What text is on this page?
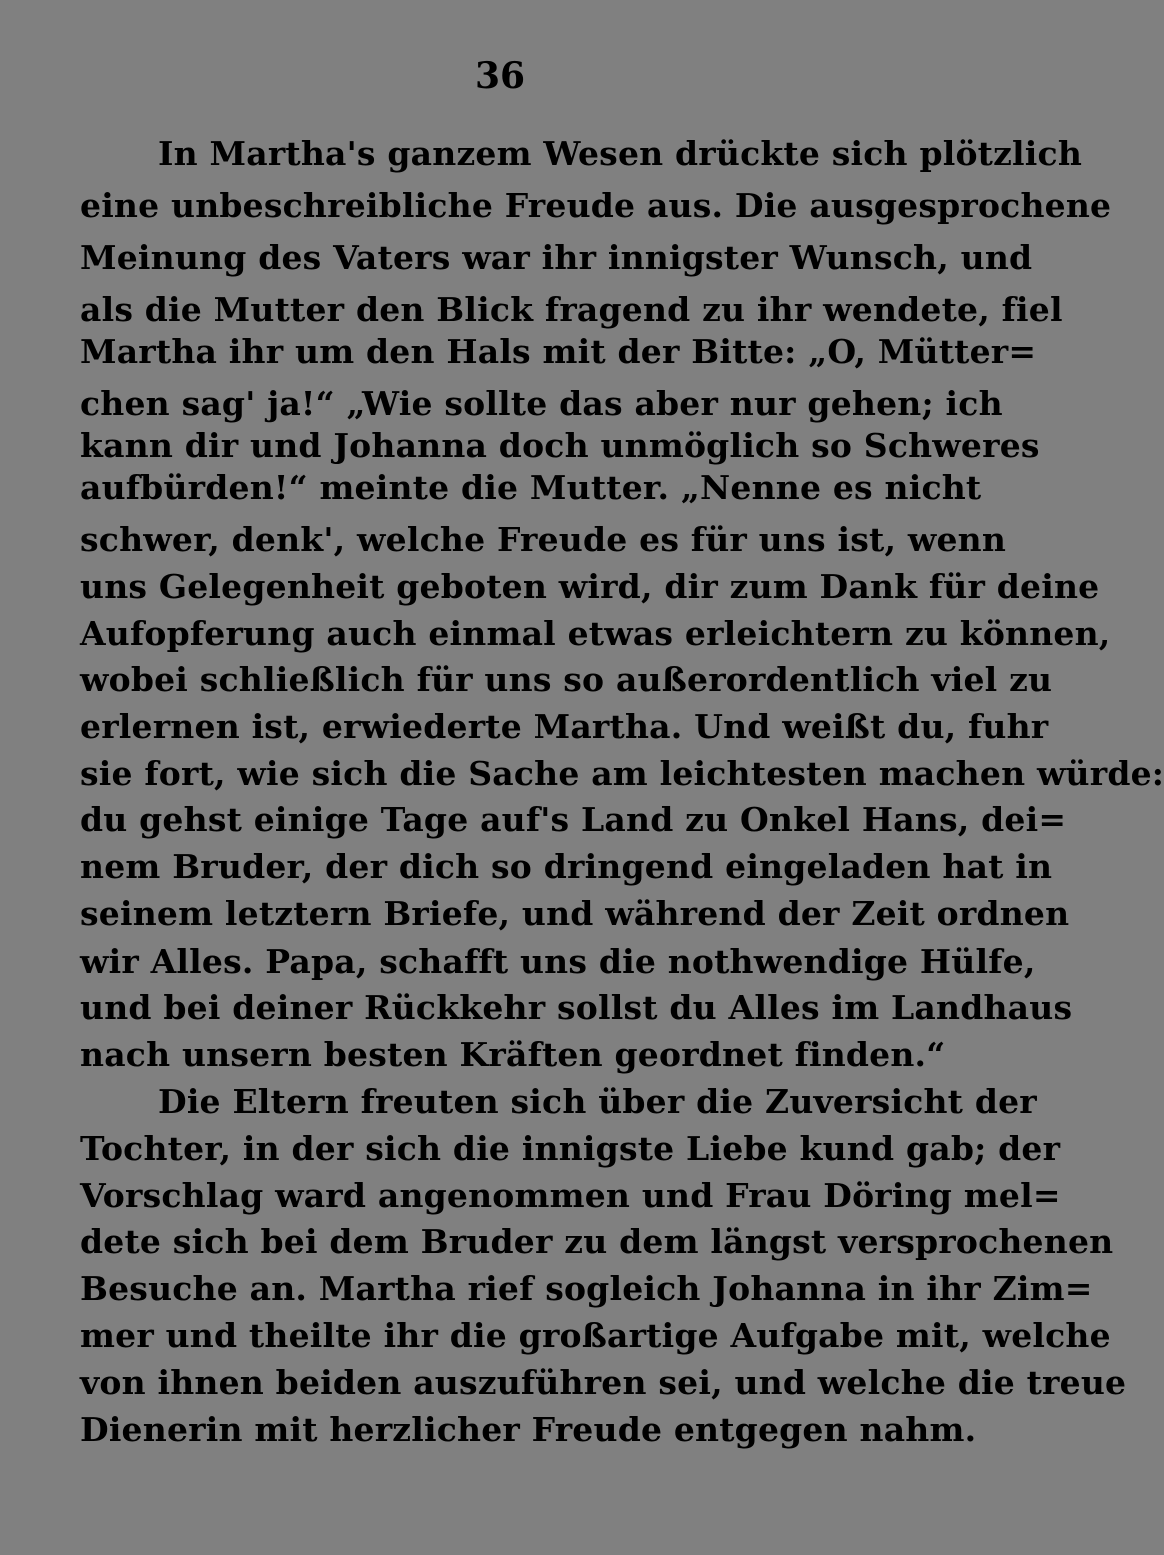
36
In Martha's ganzem Wesen drückte sich plötzlich
eine unbeschreibliche Freude aus. Die ausgesprochene
Meinung des Vaters war ihr innigster Wunsch, und
als die Mutter den Blick fragend zu ihr wendete, fiel
Martha ihr um den Hals mit der Bitte: „O, Mütter=
chen sag' ja!“ „Wie sollte das aber nur gehen; ich
kann dir und Johanna doch unmöglich so Schweres
aufbürden!“ meinte die Mutter. „Nenne es nicht
schwer, denk', welche Freude es für uns ist, wenn
uns Gelegenheit geboten wird, dir zum Dank für deine
Aufopferung auch einmal etwas erleichtern zu können,
wobei schließlich für uns so außerordentlich viel zu
erlernen ist, erwiederte Martha. Und weißt du, fuhr
sie fort, wie sich die Sache am leichtesten machen würde:
du gehst einige Tage auf's Land zu Onkel Hans, dei=
nem Bruder, der dich so dringend eingeladen hat in
seinem letztern Briefe, und während der Zeit ordnen
wir Alles. Papa, schafft uns die nothwendige Hülfe,
und bei deiner Rückkehr sollst du Alles im Landhaus
nach unsern besten Kräften geordnet finden.“
Die Eltern freuten sich über die Zuversicht der
Tochter, in der sich die innigste Liebe kund gab; der
Vorschlag ward angenommen und Frau Döring mel=
dete sich bei dem Bruder zu dem längst versprochenen
Besuche an. Martha rief sogleich Johanna in ihr Zim=
mer und theilte ihr die großartige Aufgabe mit, welche
von ihnen beiden auszuführen sei, und welche die treue
Dienerin mit herzlicher Freude entgegen nahm.
